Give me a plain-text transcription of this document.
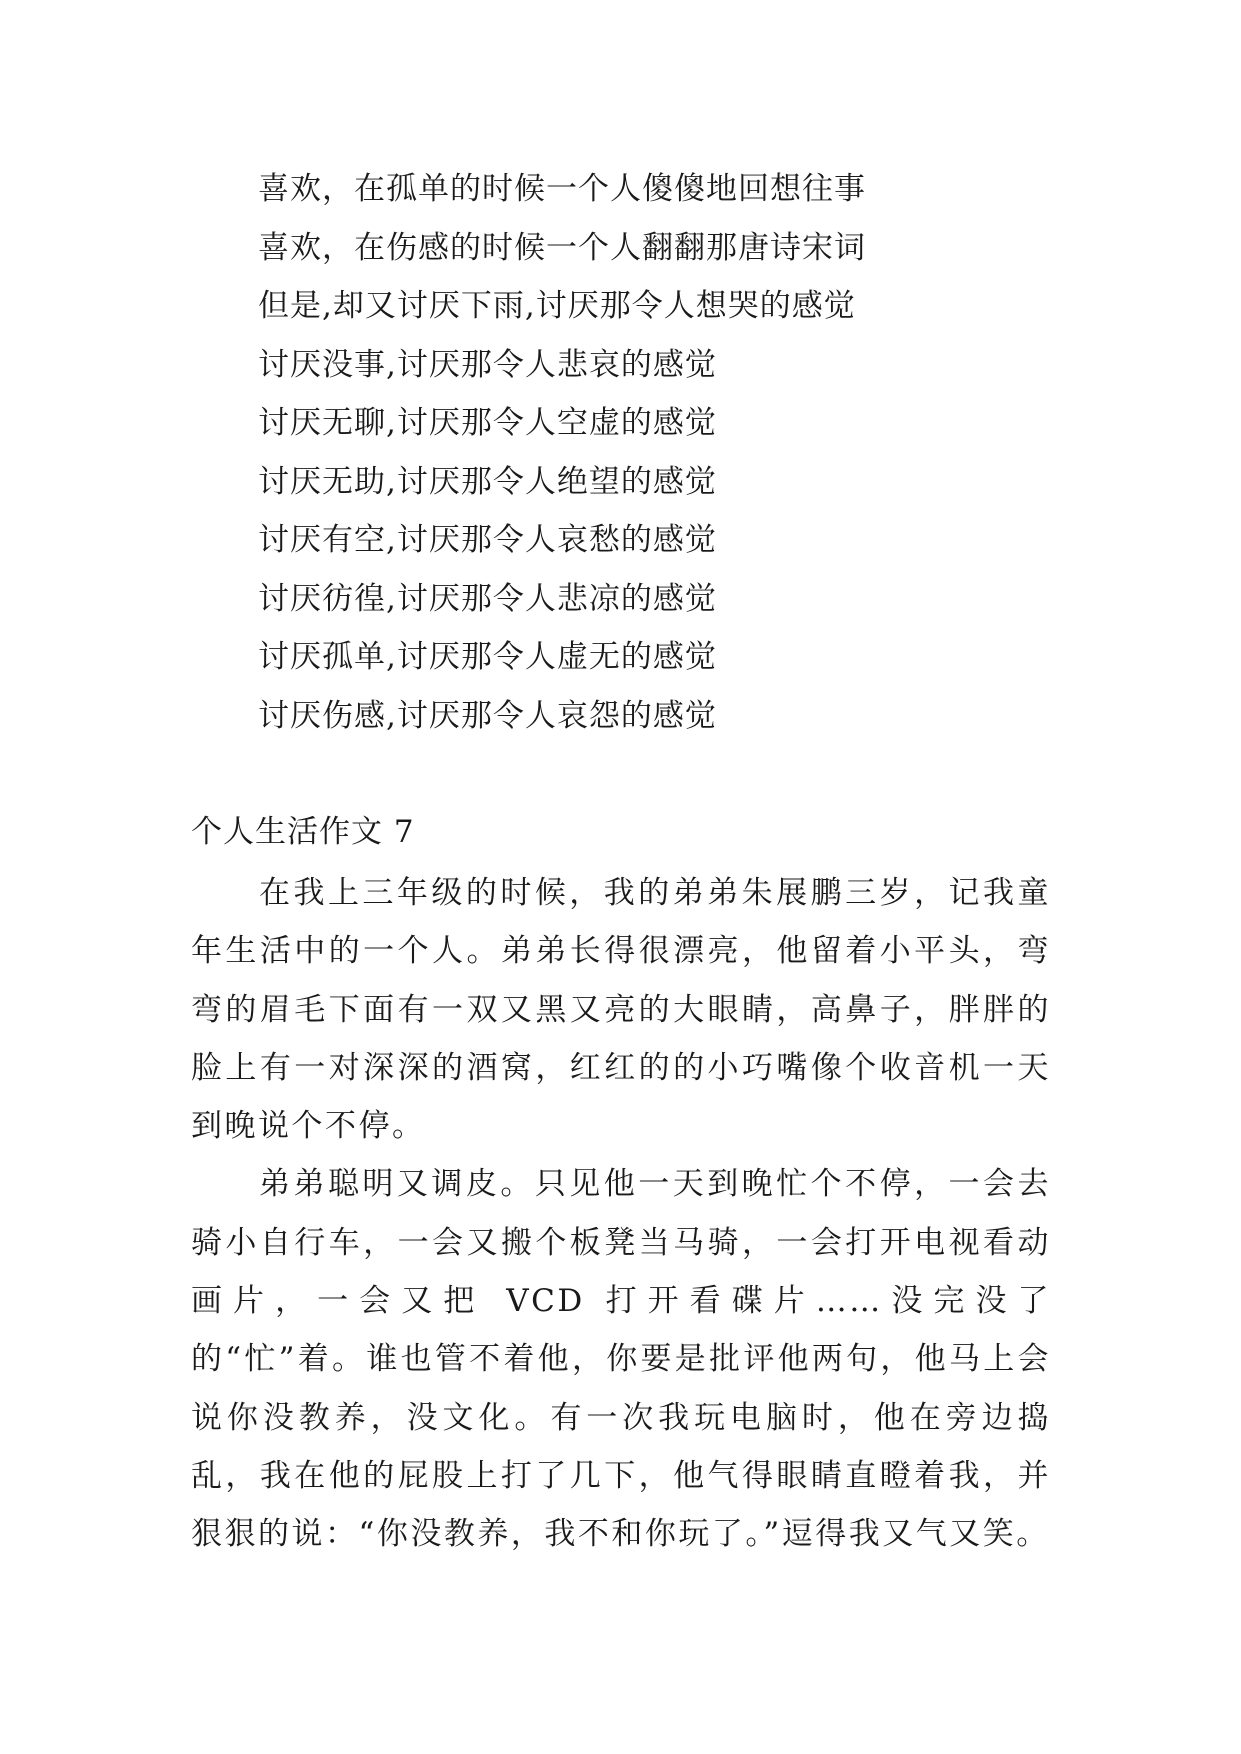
喜欢，在孤单的时候一个人傻傻地回想往事
喜欢，在伤感的时候一个人翻翻那唐诗宋词
但是,却又讨厌下雨,讨厌那令人想哭的感觉
讨厌没事,讨厌那令人悲哀的感觉
讨厌无聊,讨厌那令人空虚的感觉
讨厌无助,讨厌那令人绝望的感觉
讨厌有空,讨厌那令人哀愁的感觉
讨厌彷徨,讨厌那令人悲凉的感觉
讨厌孤单,讨厌那令人虚无的感觉
讨厌伤感,讨厌那令人哀怨的感觉
个人生活作文 7

在我上三年级的时候，我的弟弟朱展鹏三岁，记我童年生活中的一个人。弟弟长得很漂亮，他留着小平头，弯弯的眉毛下面有一双又黑又亮的大眼睛，高鼻子，胖胖的脸上有一对深深的酒窝，红红的的小巧嘴像个收音机一天到晚说个不停。

弟弟聪明又调皮。只见他一天到晚忙个不停，一会去骑小自行车，一会又搬个板凳当马骑，一会打开电视看动画片，一会又把 VCD 打开看碟片……没完没了的“忙”着。谁也管不着他，你要是批评他两句，他马上会说你没教养，没文化。有一次我玩电脑时，他在旁边捣乱，我在他的屁股上打了几下，他气得眼睛直瞪着我，并狠狠的说：“你没教养，我不和你玩了。”逗得我又气又笑。
